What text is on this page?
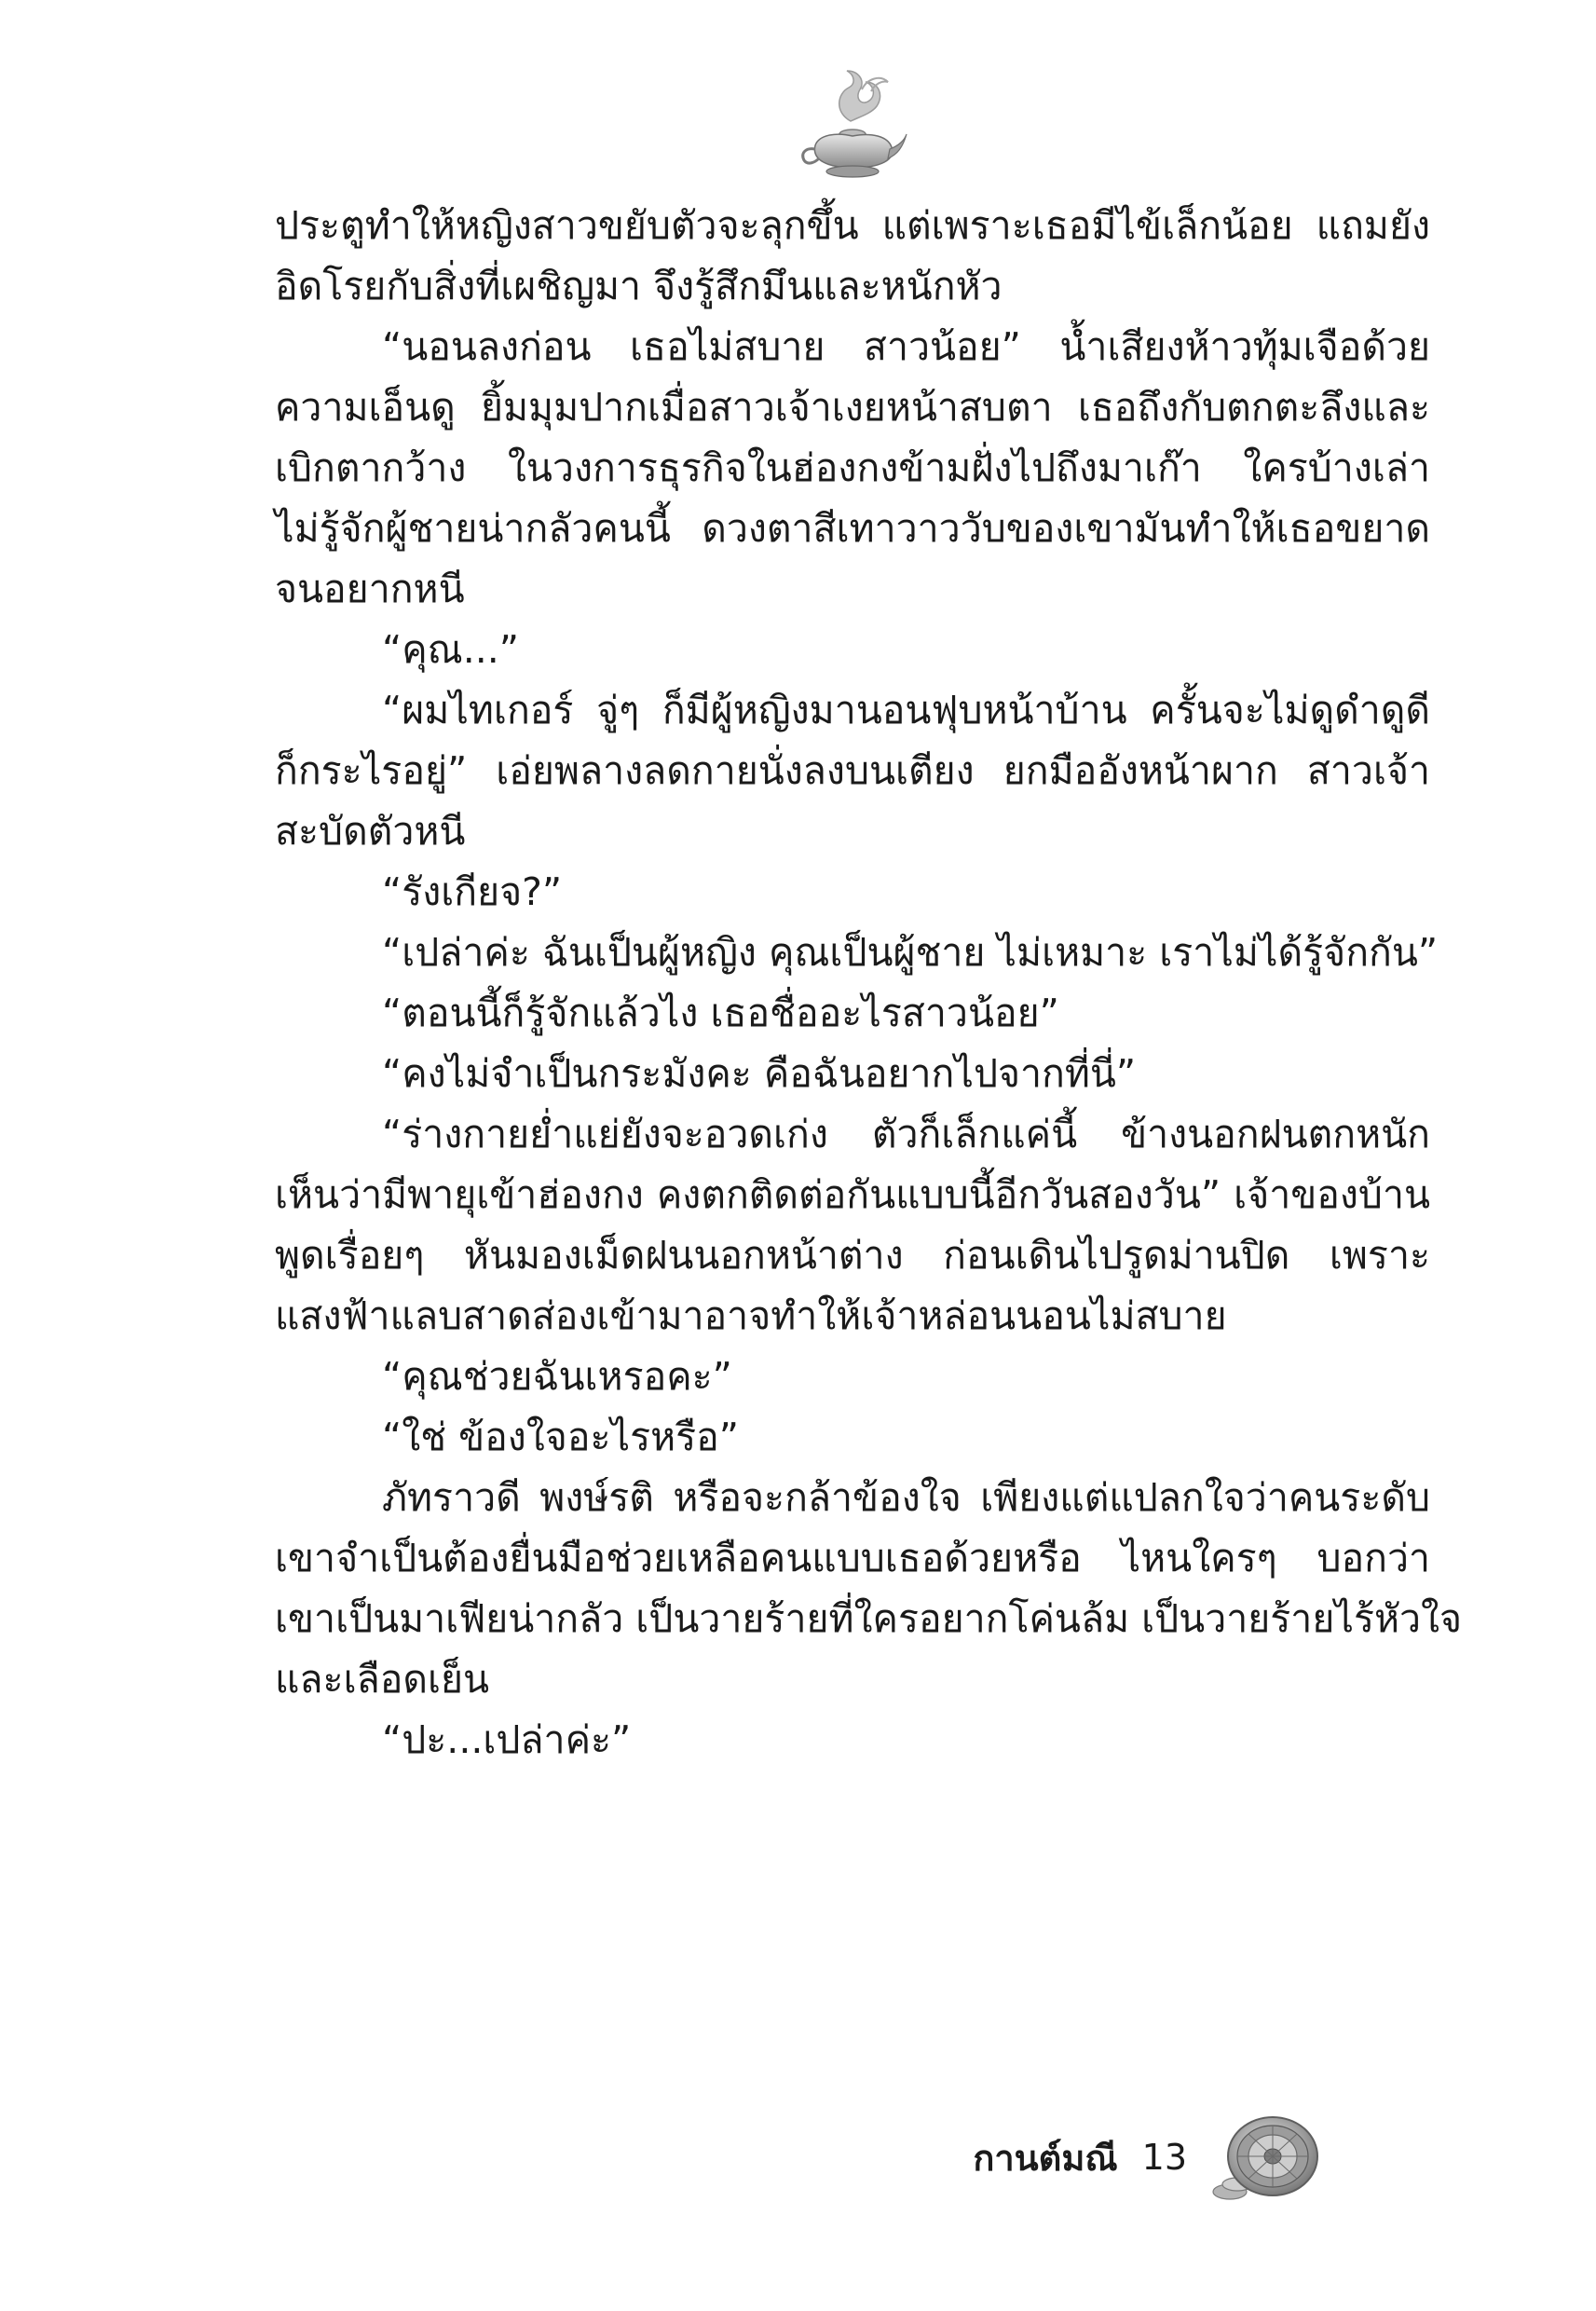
ประตูทำให้หญิงสาวขยับตัวจะลุกขึ้น แต่เพราะเธอมีไข้เล็กน้อย แถมยัง
อิดโรยกับสิ่งที่เผชิญมา จึงรู้สึกมึนและหนักหัว
“นอนลงก่อน เธอไม่สบาย สาวน้อย” น้ำเสียงห้าวทุ้มเจือด้วย
ความเอ็นดู ยิ้มมุมปากเมื่อสาวเจ้าเงยหน้าสบตา เธอถึงกับตกตะลึงและ
เบิกตากว้าง ในวงการธุรกิจในฮ่องกงข้ามฝั่งไปถึงมาเก๊า ใครบ้างเล่า
ไม่รู้จักผู้ชายน่ากลัวคนนี้ ดวงตาสีเทาวาววับของเขามันทำให้เธอขยาด
จนอยากหนี
“คุณ...”
“ผมไทเกอร์ จู่ๆ ก็มีผู้หญิงมานอนฟุบหน้าบ้าน ครั้นจะไม่ดูดำดูดี
ก็กระไรอยู่” เอ่ยพลางลดกายนั่งลงบนเตียง ยกมืออังหน้าผาก สาวเจ้า
สะบัดตัวหนี
“รังเกียจ?”
“เปล่าค่ะ ฉันเป็นผู้หญิง คุณเป็นผู้ชาย ไม่เหมาะ เราไม่ได้รู้จักกัน”
“ตอนนี้ก็รู้จักแล้วไง เธอชื่ออะไรสาวน้อย”
“คงไม่จำเป็นกระมังคะ คือฉันอยากไปจากที่นี่”
“ร่างกายย่ำแย่ยังจะอวดเก่ง ตัวก็เล็กแค่นี้ ข้างนอกฝนตกหนัก
เห็นว่ามีพายุเข้าฮ่องกง คงตกติดต่อกันแบบนี้อีกวันสองวัน” เจ้าของบ้าน
พูดเรื่อยๆ หันมองเม็ดฝนนอกหน้าต่าง ก่อนเดินไปรูดม่านปิด เพราะ
แสงฟ้าแลบสาดส่องเข้ามาอาจทำให้เจ้าหล่อนนอนไม่สบาย
“คุณช่วยฉันเหรอคะ”
“ใช่ ข้องใจอะไรหรือ”
ภัทราวดี พงษ์รติ หรือจะกล้าข้องใจ เพียงแต่แปลกใจว่าคนระดับ
เขาจำเป็นต้องยื่นมือช่วยเหลือคนแบบเธอด้วยหรือ ไหนใครๆ บอกว่า
เขาเป็นมาเฟียน่ากลัว เป็นวายร้ายที่ใครอยากโค่นล้ม เป็นวายร้ายไร้หัวใจ
และเลือดเย็น
“ปะ...เปล่าค่ะ”
กานต์มณี 13
